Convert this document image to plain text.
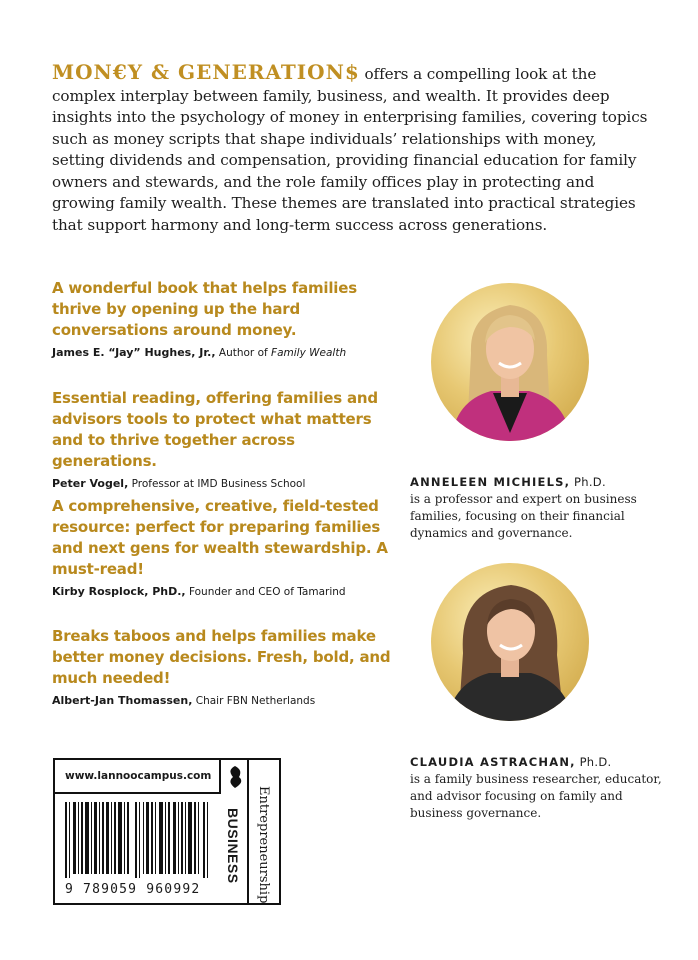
MON€Y & GENERATION$ offers a compelling look at the complex interplay between family, business, and wealth. It provides deep insights into the psychology of money in enterprising families, covering topics such as money scripts that shape individuals’ relationships with money, setting dividends and compensation, providing financial education for family owners and stewards, and the role family offices play in protecting and growing family wealth. These themes are translated into practical strategies that support harmony and long-term success across generations.
A wonderful book that helps families thrive by opening up the hard conversations around money.
James E. “Jay” Hughes, Jr., Author of Family Wealth
Essential reading, offering families and advisors tools to protect what matters and to thrive together across generations.
Peter Vogel, Professor at IMD Business School
A comprehensive, creative, field-tested resource: perfect for preparing families and next gens for wealth stewardship. A must-read!
Kirby Rosplock, PhD., Founder and CEO of Tamarind
Breaks taboos and helps families make better money decisions. Fresh, bold, and much needed!
Albert-Jan Thomassen, Chair FBN Netherlands
ANNELEEN MICHIELS, Ph.D.
is a professor and expert on business families, focusing on their financial dynamics and governance.
CLAUDIA ASTRACHAN, Ph.D.
is a family business researcher, educator, and advisor focusing on family and business governance.
www.lannoocampus.com
9 789059 960992
BUSINESS Entrepreneurship
